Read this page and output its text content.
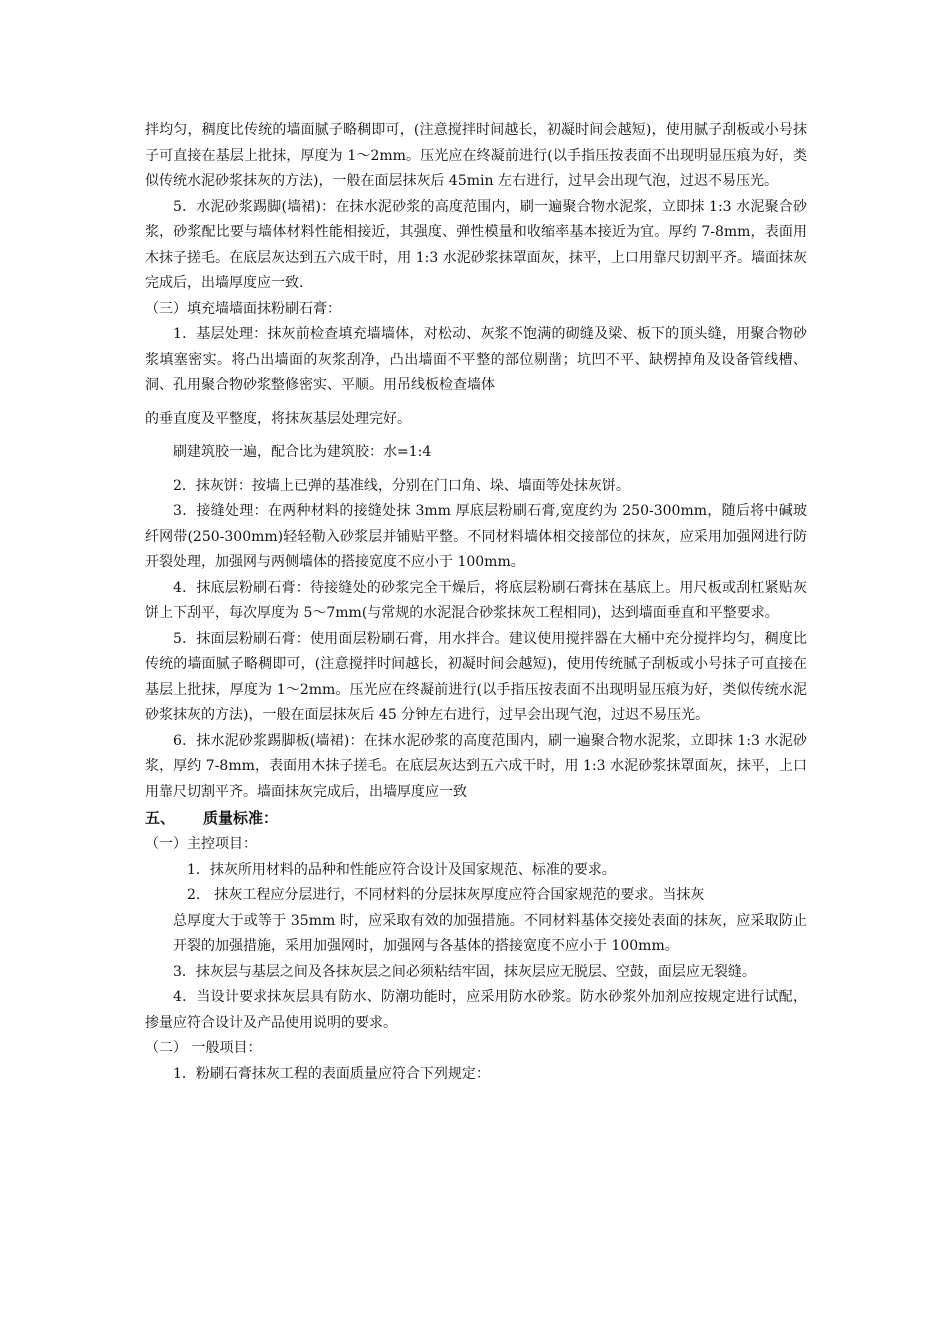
拌均匀，稠度比传统的墙面腻子略稠即可，(注意搅拌时间越长，初凝时间会越短)，使用腻子刮板或小号抹子可直接在基层上批抹，厚度为 1～2mm。压光应在终凝前进行(以手指压按表面不出现明显压痕为好，类似传统水泥砂浆抹灰的方法)，一般在面层抹灰后 45min 左右进行，过早会出现气泡，过迟不易压光。

5．水泥砂浆踢脚(墙裙)：在抹水泥砂浆的高度范围内，刷一遍聚合物水泥浆，立即抹 1:3 水泥聚合砂浆，砂浆配比要与墙体材料性能相接近，其强度、弹性模量和收缩率基本接近为宜。厚约 7-8mm，表面用木抹子搓毛。在底层灰达到五六成干时，用 1:3 水泥砂浆抹罩面灰，抹平，上口用靠尺切割平齐。墙面抹灰完成后，出墙厚度应一致.

（三）填充墙墙面抹粉刷石膏：

1．基层处理：抹灰前检查填充墙墙体，对松动、灰浆不饱满的砌缝及梁、板下的顶头缝，用聚合物砂浆填塞密实。将凸出墙面的灰浆刮净，凸出墙面不平整的部位剔凿；坑凹不平、缺楞掉角及设备管线槽、洞、孔用聚合物砂浆整修密实、平顺。用吊线板检查墙体

的垂直度及平整度，将抹灰基层处理完好。

刷建筑胶一遍，配合比为建筑胶：水=1:4

2．抹灰饼：按墙上已弹的基准线，分别在门口角、垛、墙面等处抹灰饼。

3．接缝处理：在两种材料的接缝处抹 3mm 厚底层粉刷石膏,宽度约为 250-300mm，随后将中碱玻纤网带(250-300mm)轻轻勒入砂浆层并铺贴平整。不同材料墙体相交接部位的抹灰，应采用加强网进行防开裂处理，加强网与两侧墙体的搭接宽度不应小于 100mm。

4．抹底层粉刷石膏：待接缝处的砂浆完全干燥后，将底层粉刷石膏抹在基底上。用尺板或刮杠紧贴灰饼上下刮平，每次厚度为 5～7mm(与常规的水泥混合砂浆抹灰工程相同)，达到墙面垂直和平整要求。

5．抹面层粉刷石膏：使用面层粉刷石膏，用水拌合。建议使用搅拌器在大桶中充分搅拌均匀，稠度比传统的墙面腻子略稠即可，(注意搅拌时间越长，初凝时间会越短)，使用传统腻子刮板或小号抹子可直接在基层上批抹，厚度为 1～2mm。压光应在终凝前进行(以手指压按表面不出现明显压痕为好，类似传统水泥砂浆抹灰的方法)，一般在面层抹灰后 45 分钟左右进行，过早会出现气泡，过迟不易压光。

6．抹水泥砂浆踢脚板(墙裙)：在抹水泥砂浆的高度范围内，刷一遍聚合物水泥浆，立即抹 1:3 水泥砂浆，厚约 7-8mm，表面用木抹子搓毛。在底层灰达到五六成干时，用 1:3 水泥砂浆抹罩面灰，抹平，上口用靠尺切割平齐。墙面抹灰完成后，出墙厚度应一致

五、 质量标准：

（一）主控项目：

1．抹灰所用材料的品种和性能应符合设计及国家规范、标准的要求。

2． 抹灰工程应分层进行，不同材料的分层抹灰厚度应符合国家规范的要求。当抹灰

总厚度大于或等于 35mm 时，应采取有效的加强措施。不同材料基体交接处表面的抹灰，应采取防止开裂的加强措施，采用加强网时，加强网与各基体的搭接宽度不应小于 100mm。

3．抹灰层与基层之间及各抹灰层之间必须粘结牢固，抹灰层应无脱层、空鼓，面层应无裂缝。

4．当设计要求抹灰层具有防水、防潮功能时，应采用防水砂浆。防水砂浆外加剂应按规定进行试配，掺量应符合设计及产品使用说明的要求。

（二） 一般项目：

1．粉刷石膏抹灰工程的表面质量应符合下列规定：
